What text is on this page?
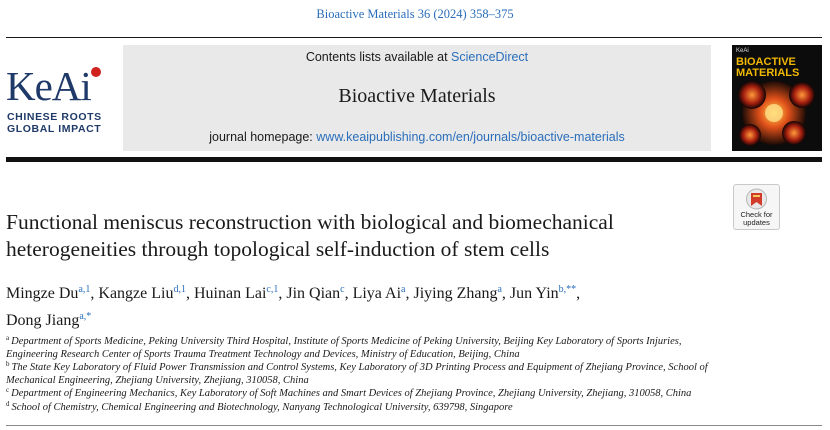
Bioactive Materials 36 (2024) 358–375
KeAi
CHINESE ROOTS
GLOBAL IMPACT
Contents lists available at ScienceDirect
Bioactive Materials
journal homepage: www.keaipublishing.com/en/journals/bioactive-materials
KeAi
BIOACTIVE
MATERIALS
Check for
updates
Functional meniscus reconstruction with biological and biomechanical
heterogeneities through topological self-induction of stem cells
Mingze Du$^{a,1}$, Kangze Liu$^{d,1}$, Huinan Lai$^{c,1}$, Jin Qian$^c$, Liya Ai$^a$, Jiying Zhang$^a$, Jun Yin$^{b,**}$,
Dong Jiang$^{a,*}$
$^a$ Department of Sports Medicine, Peking University Third Hospital, Institute of Sports Medicine of Peking University, Beijing Key Laboratory of Sports Injuries, Engineering Research Center of Sports Trauma Treatment Technology and Devices, Ministry of Education, Beijing, China
$^b$ The State Key Laboratory of Fluid Power Transmission and Control Systems, Key Laboratory of 3D Printing Process and Equipment of Zhejiang Province, School of Mechanical Engineering, Zhejiang University, Zhejiang, 310058, China
$^c$ Department of Engineering Mechanics, Key Laboratory of Soft Machines and Smart Devices of Zhejiang Province, Zhejiang University, Zhejiang, 310058, China
$^d$ School of Chemistry, Chemical Engineering and Biotechnology, Nanyang Technological University, 639798, Singapore
